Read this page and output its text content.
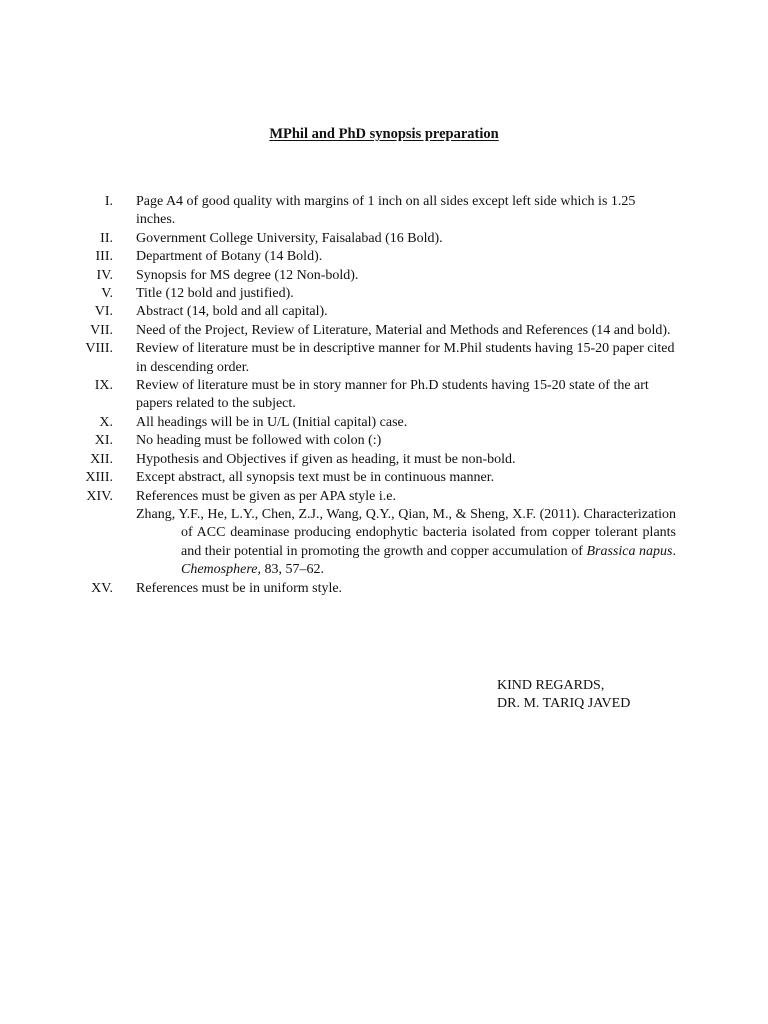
MPhil and PhD synopsis preparation
I. Page A4 of good quality with margins of 1 inch on all sides except left side which is 1.25 inches.
II. Government College University, Faisalabad (16 Bold).
III. Department of Botany (14 Bold).
IV. Synopsis for MS degree (12 Non-bold).
V. Title (12 bold and justified).
VI. Abstract (14, bold and all capital).
VII. Need of the Project, Review of Literature, Material and Methods and References (14 and bold).
VIII. Review of literature must be in descriptive manner for M.Phil students having 15-20 paper cited in descending order.
IX. Review of literature must be in story manner for Ph.D students having 15-20 state of the art papers related to the subject.
X. All headings will be in U/L (Initial capital) case.
XI. No heading must be followed with colon (:)
XII. Hypothesis and Objectives if given as heading, it must be non-bold.
XIII. Except abstract, all synopsis text must be in continuous manner.
XIV. References must be given as per APA style i.e.
Zhang, Y.F., He, L.Y., Chen, Z.J., Wang, Q.Y., Qian, M., & Sheng, X.F. (2011). Characterization of ACC deaminase producing endophytic bacteria isolated from copper tolerant plants and their potential in promoting the growth and copper accumulation of Brassica napus. Chemosphere, 83, 57–62.
XV. References must be in uniform style.
KIND REGARDS,
DR. M. TARIQ JAVED
